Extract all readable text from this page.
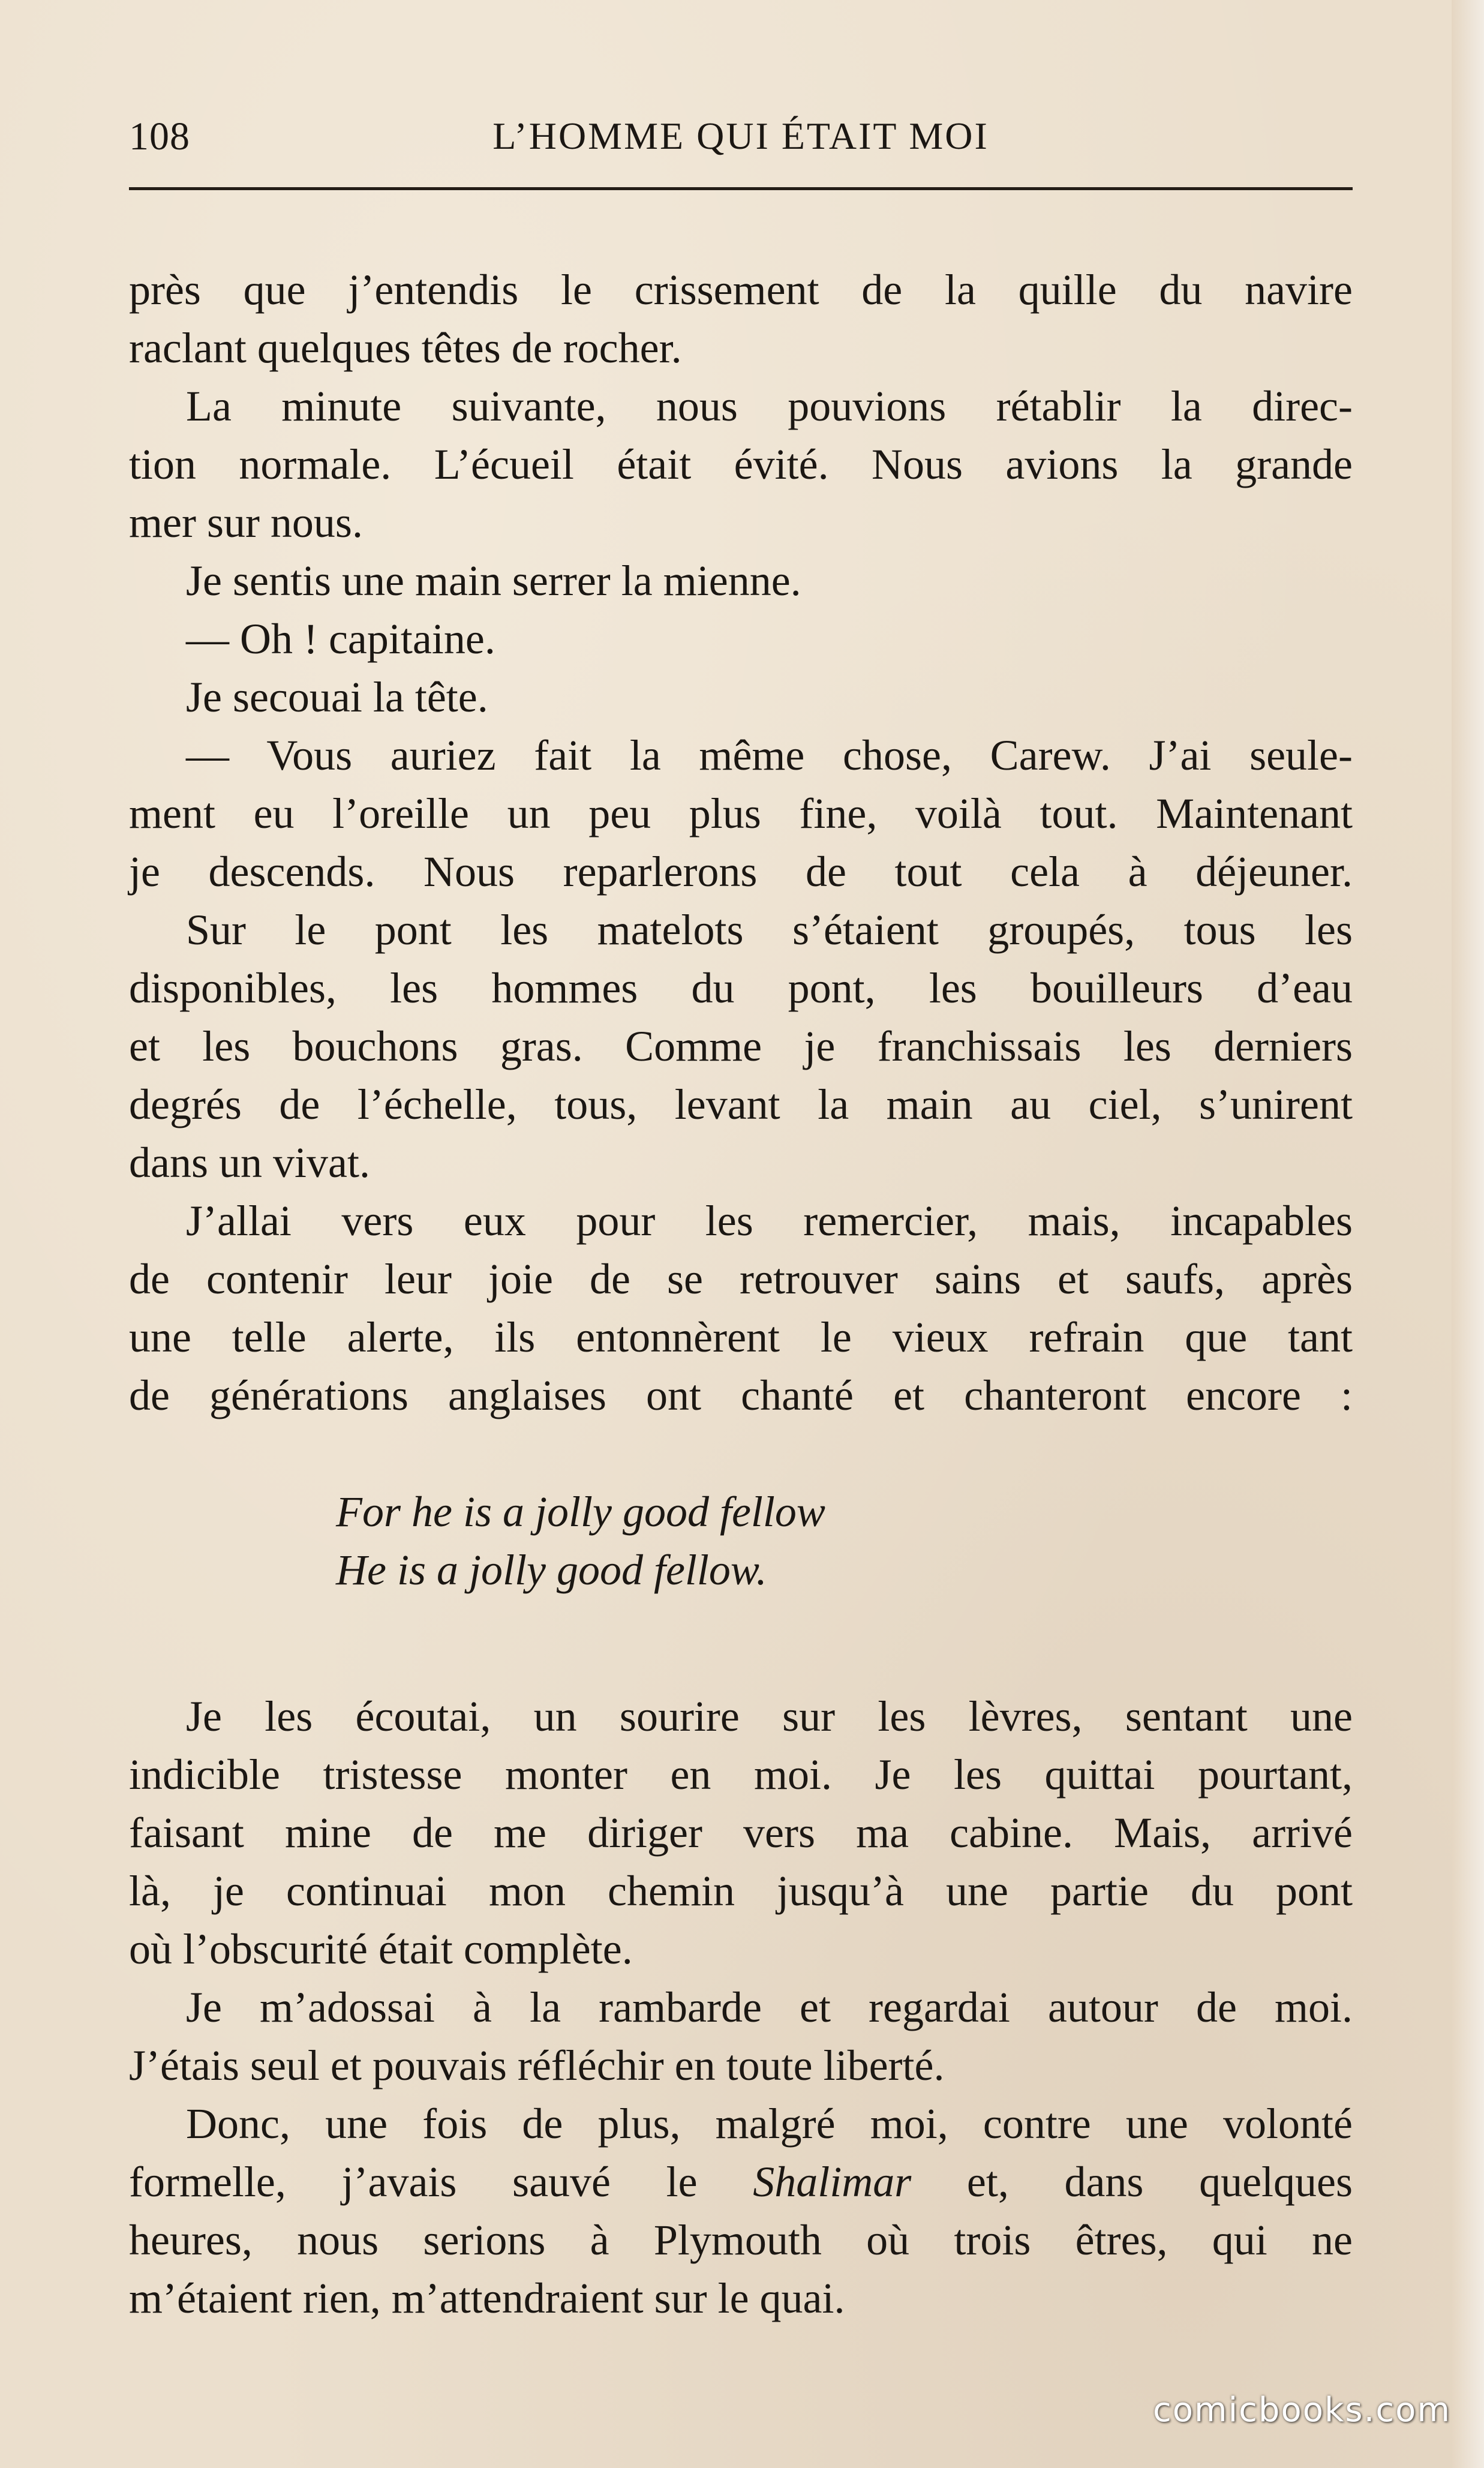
108	L’HOMME QUI ÉTAIT MOI
près que j’entendis le crissement de la quille du navire
raclant quelques têtes de rocher.
La minute suivante, nous pouvions rétablir la direc-
tion normale. L’écueil était évité. Nous avions la grande
mer sur nous.
Je sentis une main serrer la mienne.
— Oh ! capitaine.
Je secouai la tête.
— Vous auriez fait la même chose, Carew. J’ai seule-
ment eu l’oreille un peu plus fine, voilà tout. Maintenant
je descends. Nous reparlerons de tout cela à déjeuner.
Sur le pont les matelots s’étaient groupés, tous les
disponibles, les hommes du pont, les bouilleurs d’eau
et les bouchons gras. Comme je franchissais les derniers
degrés de l’échelle, tous, levant la main au ciel, s’unirent
dans un vivat.
J’allai vers eux pour les remercier, mais, incapables
de contenir leur joie de se retrouver sains et saufs, après
une telle alerte, ils entonnèrent le vieux refrain que tant
de générations anglaises ont chanté et chanteront encore :
For he is a jolly good fellow
He is a jolly good fellow.
Je les écoutai, un sourire sur les lèvres, sentant une
indicible tristesse monter en moi. Je les quittai pourtant,
faisant mine de me diriger vers ma cabine. Mais, arrivé
là, je continuai mon chemin jusqu’à une partie du pont
où l’obscurité était complète.
Je m’adossai à la rambarde et regardai autour de moi.
J’étais seul et pouvais réfléchir en toute liberté.
Donc, une fois de plus, malgré moi, contre une volonté
formelle, j’avais sauvé le Shalimar et, dans quelques
heures, nous serions à Plymouth où trois êtres, qui ne
m’étaient rien, m’attendraient sur le quai.
comicbooks.com
